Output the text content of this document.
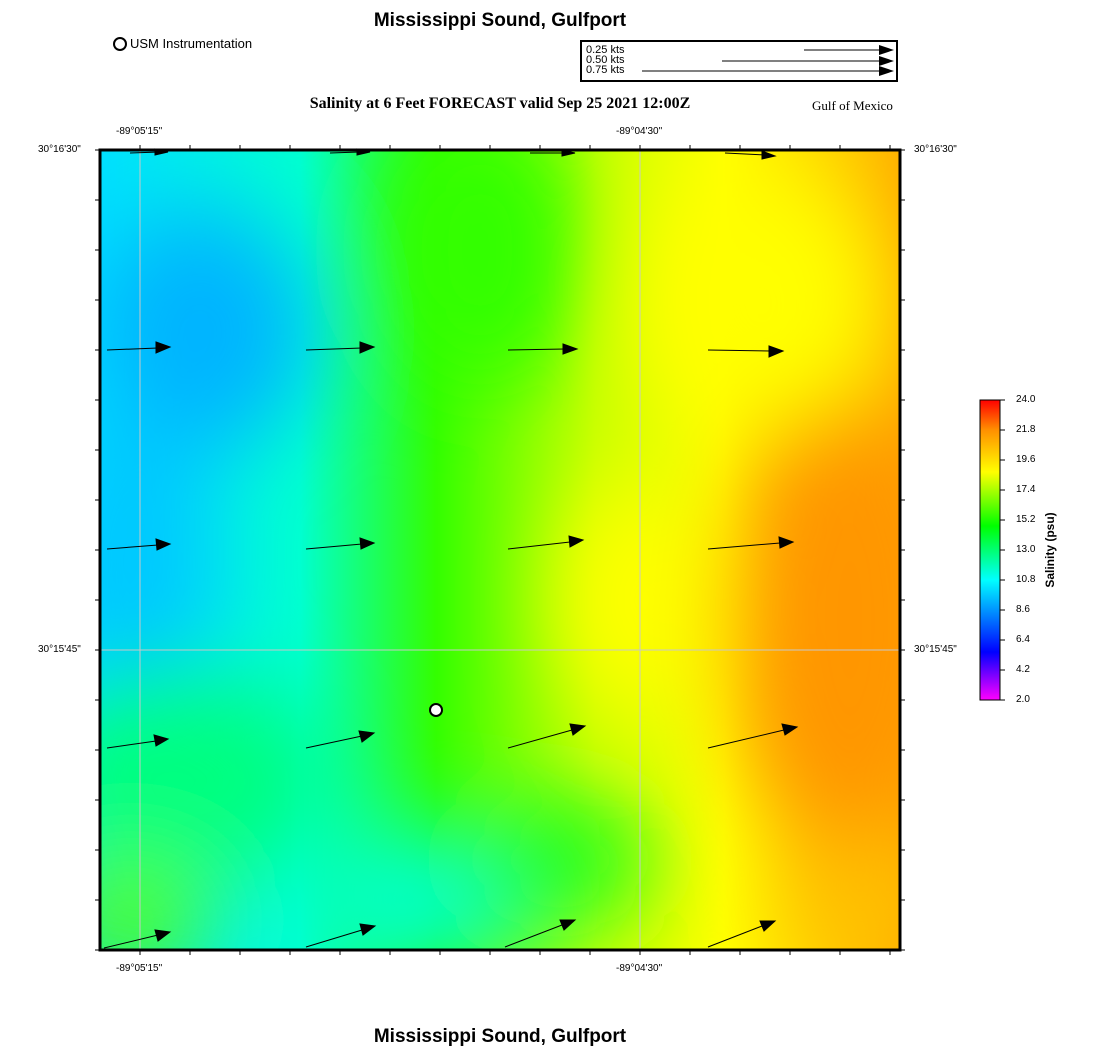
Mississippi Sound, Gulfport
USM Instrumentation	0.25 kts
0.50 kts
0.75 kts
Salinity at 6 Feet FORECAST valid Sep 25 2021 12:00Z	Gulf of Mexico
-89°05'15"	-89°04'30"
-89°05'15"	-89°04'30"
30°16'30"
30°15'45"
30°16'30"
30°15'45"
24.0
21.8
19.6
17.4
15.2
13.0
10.8
8.6
6.4
4.2
2.0
Salinity (psu)
Mississippi Sound, Gulfport
